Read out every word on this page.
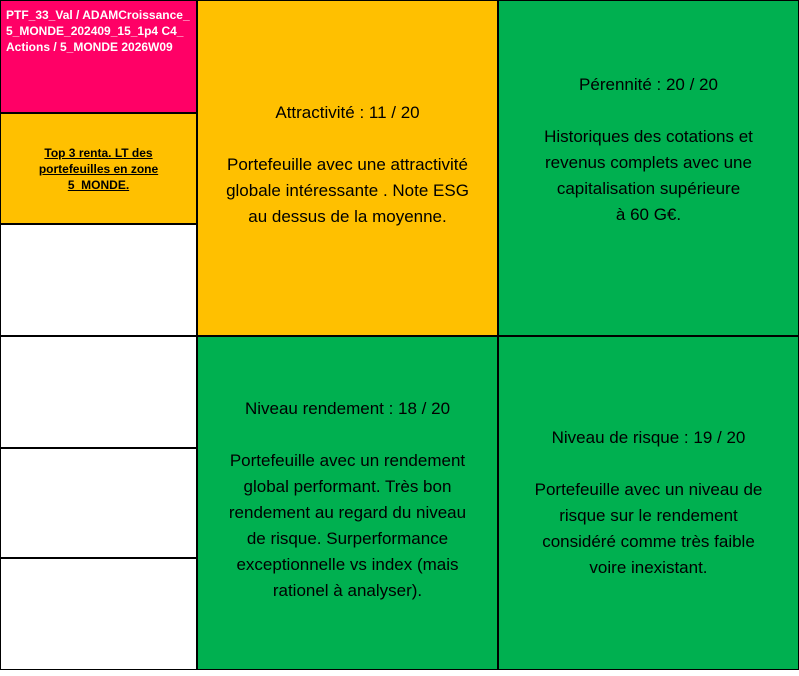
PTF_33_Val / ADAMCroissance_5_MONDE_202409_15_1p4 C4_Actions / 5_MONDE 2026W09
Top 3 renta. LT des portefeuilles en zone 5_MONDE.
Attractivité : 11 / 20
Portefeuille avec une attractivité
globale intéressante . Note ESG
au dessus de la moyenne.
Pérennité : 20 / 20
Historiques des cotations et
revenus complets avec une
capitalisation supérieure
à 60 G€.
Niveau rendement : 18 / 20
Portefeuille avec un rendement
global performant. Très bon
rendement au regard du niveau
de risque. Surperformance
exceptionnelle vs index (mais
rationel à analyser).
Niveau de risque : 19 / 20
Portefeuille avec un niveau de
risque sur le rendement
considéré comme très faible
voire inexistant.
